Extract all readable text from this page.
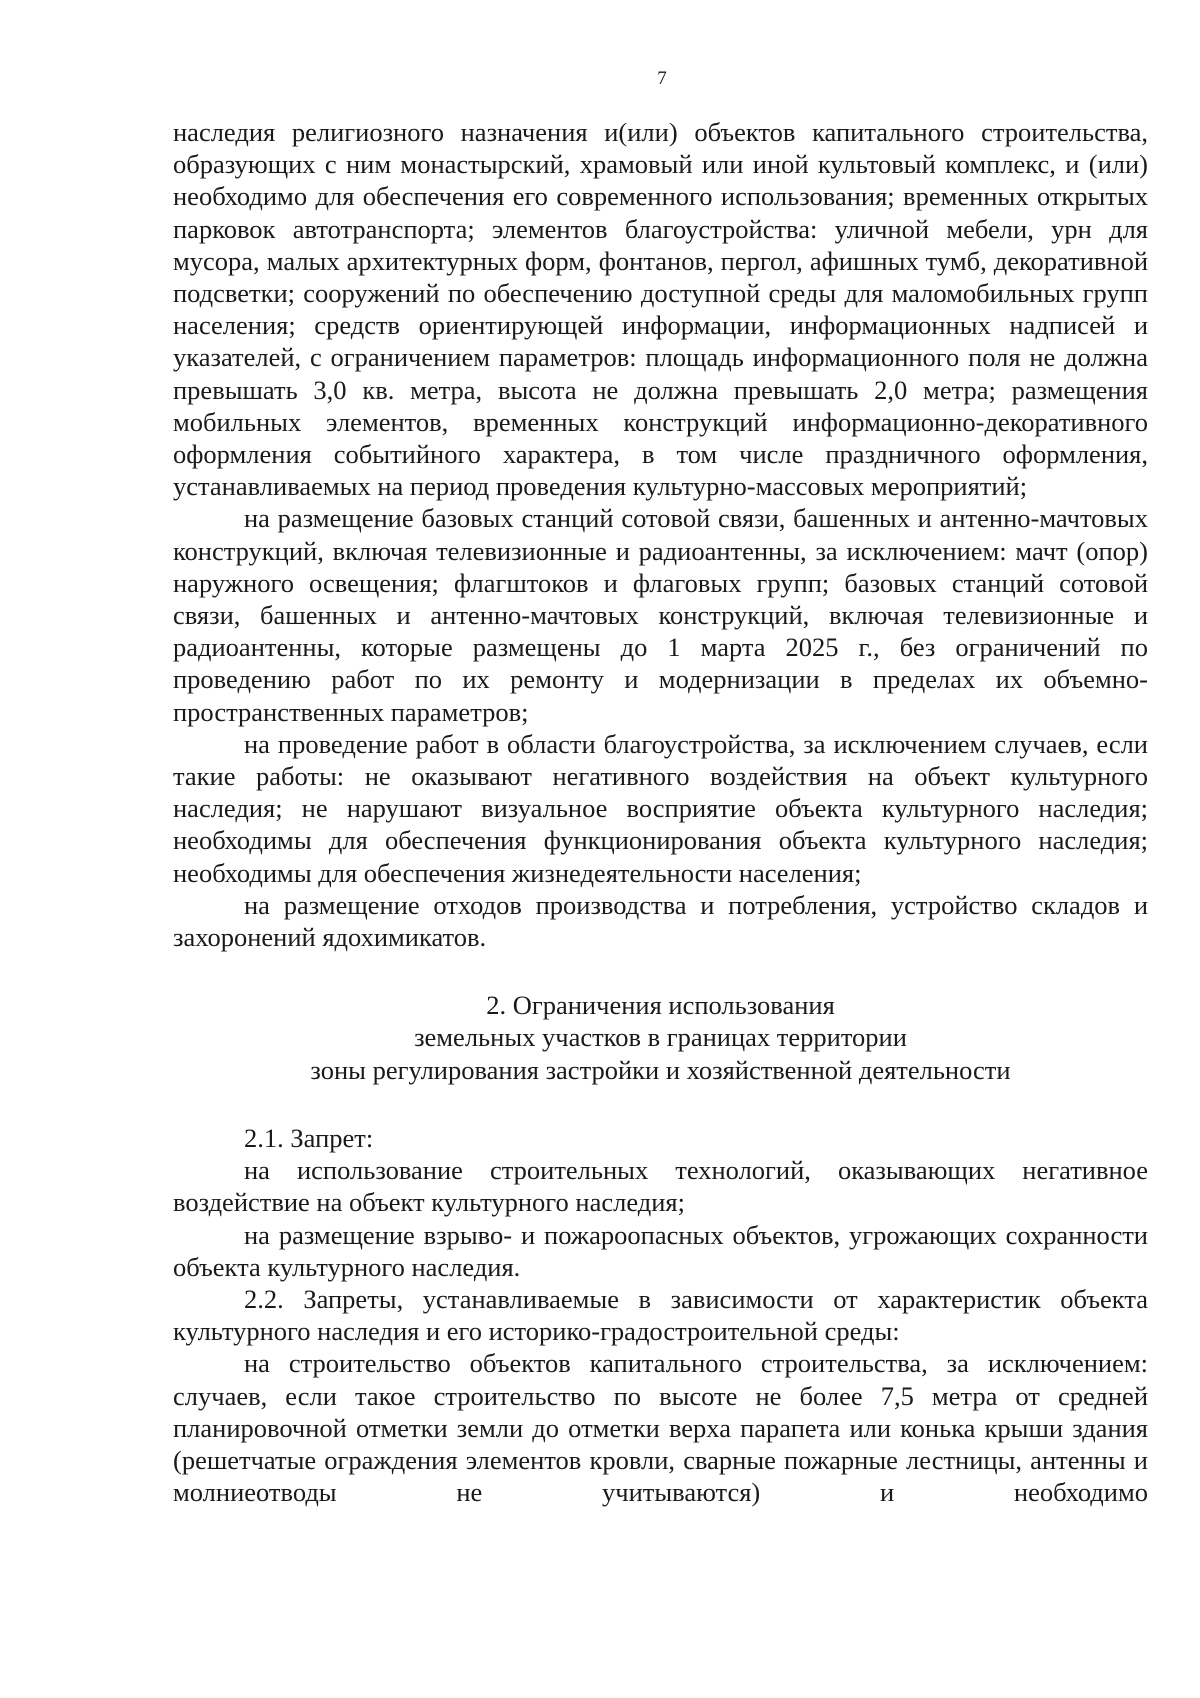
7

наследия религиозного назначения и(или) объектов капитального строительства, образующих с ним монастырский, храмовый или иной культовый комплекс, и (или) необходимо для обеспечения его современного использования; временных открытых парковок автотранспорта; элементов благоустройства: уличной мебели, урн для мусора, малых архитектурных форм, фонтанов, пергол, афишных тумб, декоративной подсветки; сооружений по обеспечению доступной среды для маломобильных групп населения; средств ориентирующей информации, информационных надписей и указателей, с ограничением параметров: площадь информационного поля не должна превышать 3,0 кв. метра, высота не должна превышать 2,0 метра; размещения мобильных элементов, временных конструкций информационно-декоративного оформления событийного характера, в том числе праздничного оформления, устанавливаемых на период проведения культурно-массовых мероприятий;

на размещение базовых станций сотовой связи, башенных и антенно-мачтовых конструкций, включая телевизионные и радиоантенны, за исключением: мачт (опор) наружного освещения; флагштоков и флаговых групп; базовых станций сотовой связи, башенных и антенно-мачтовых конструкций, включая телевизионные и радиоантенны, которые размещены до 1 марта 2025 г., без ограничений по проведению работ по их ремонту и модернизации в пределах их объемно-пространственных параметров;

на проведение работ в области благоустройства, за исключением случаев, если такие работы: не оказывают негативного воздействия на объект культурного наследия; не нарушают визуальное восприятие объекта культурного наследия; необходимы для обеспечения функционирования объекта культурного наследия; необходимы для обеспечения жизнедеятельности населения;

на размещение отходов производства и потребления, устройство складов и захоронений ядохимикатов.

2. Ограничения использования
земельных участков в границах территории
зоны регулирования застройки и хозяйственной деятельности

2.1. Запрет:

на использование строительных технологий, оказывающих негативное воздействие на объект культурного наследия;

на размещение взрыво- и пожароопасных объектов, угрожающих сохранности объекта культурного наследия.

2.2. Запреты, устанавливаемые в зависимости от характеристик объекта культурного наследия и его историко-градостроительной среды:

на строительство объектов капитального строительства, за исключением: случаев, если такое строительство по высоте не более 7,5 метра от средней планировочной отметки земли до отметки верха парапета или конька крыши здания (решетчатые ограждения элементов кровли, сварные пожарные лестницы, антенны и молниеотводы не учитываются) и необходимо
